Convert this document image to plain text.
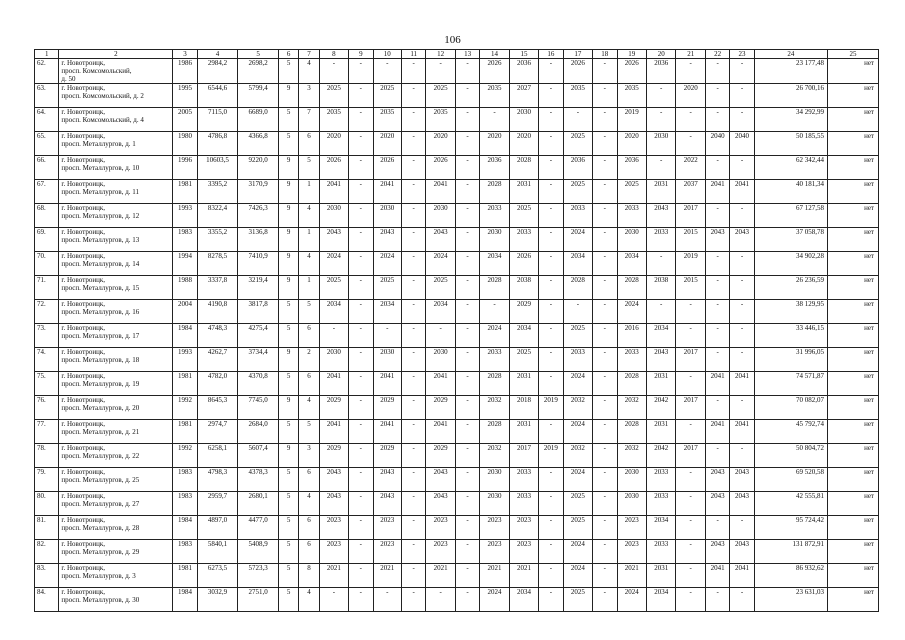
106
1	2	3	4	5	6	7	8	9	10	11	12	13	14	15	16	17	18	19	20	21	22	23	24	25
62.	г. Новотроицк,
просп. Комсомольский,
д. 50	1986	2984,2	2698,2	5	4	-	-	-	-	-	-	2026	2036	-	2026	-	2026	2036	-	-	-	23 177,48	нет
63.	г. Новотроицк,
просп. Комсомольский, д. 2	1995	6544,6	5799,4	9	3	2025	-	2025	-	2025	-	2035	2027	-	2035	-	2035	-	2020	-	-	26 700,16	нет
64.	г. Новотроицк,
просп. Комсомольский, д. 4	2005	7115,0	6689,0	5	7	2035	-	2035	-	2035	-	-	2030	-	-	-	2019	-	-	-	-	34 292,99	нет
65.	г. Новотроицк,
просп. Металлургов, д. 1	1980	4786,8	4366,8	5	6	2020	-	2020	-	2020	-	2020	2020	-	2025	-	2020	2030	-	2040	2040	50 185,55	нет
66.	г. Новотроицк,
просп. Металлургов, д. 10	1996	10603,5	9220,0	9	5	2026	-	2026	-	2026	-	2036	2028	-	2036	-	2036	-	2022	-	-	62 342,44	нет
67.	г. Новотроицк,
просп. Металлургов, д. 11	1981	3395,2	3170,9	9	1	2041	-	2041	-	2041	-	2028	2031	-	2025	-	2025	2031	2037	2041	2041	40 181,34	нет
68.	г. Новотроицк,
просп. Металлургов, д. 12	1993	8322,4	7426,3	9	4	2030	-	2030	-	2030	-	2033	2025	-	2033	-	2033	2043	2017	-	-	67 127,58	нет
69.	г. Новотроицк,
просп. Металлургов, д. 13	1983	3355,2	3136,8	9	1	2043	-	2043	-	2043	-	2030	2033	-	2024	-	2030	2033	2015	2043	2043	37 058,78	нет
70.	г. Новотроицк,
просп. Металлургов, д. 14	1994	8278,5	7410,9	9	4	2024	-	2024	-	2024	-	2034	2026	-	2034	-	2034	-	2019	-	-	34 902,28	нет
71.	г. Новотроицк,
просп. Металлургов, д. 15	1988	3337,8	3219,4	9	1	2025	-	2025	-	2025	-	2028	2038	-	2028	-	2028	2038	2015	-	-	26 236,59	нет
72.	г. Новотроицк,
просп. Металлургов, д. 16	2004	4190,8	3817,8	5	5	2034	-	2034	-	2034	-	-	2029	-	-	-	2024	-	-	-	-	38 129,95	нет
73.	г. Новотроицк,
просп. Металлургов, д. 17	1984	4748,3	4275,4	5	6	-	-	-	-	-	-	2024	2034	-	2025	-	2016	2034	-	-	-	33 446,15	нет
74.	г. Новотроицк,
просп. Металлургов, д. 18	1993	4262,7	3734,4	9	2	2030	-	2030	-	2030	-	2033	2025	-	2033	-	2033	2043	2017	-	-	31 996,05	нет
75.	г. Новотроицк,
просп. Металлургов, д. 19	1981	4782,0	4370,8	5	6	2041	-	2041	-	2041	-	2028	2031	-	2024	-	2028	2031	-	2041	2041	74 571,87	нет
76.	г. Новотроицк,
просп. Металлургов, д. 20	1992	8645,3	7745,0	9	4	2029	-	2029	-	2029	-	2032	2018	2019	2032	-	2032	2042	2017	-	-	70 082,07	нет
77.	г. Новотроицк,
просп. Металлургов, д. 21	1981	2974,7	2684,0	5	5	2041	-	2041	-	2041	-	2028	2031	-	2024	-	2028	2031	-	2041	2041	45 792,74	нет
78.	г. Новотроицк,
просп. Металлургов, д. 22	1992	6258,1	5607,4	9	3	2029	-	2029	-	2029	-	2032	2017	2019	2032	-	2032	2042	2017	-	-	50 804,72	нет
79.	г. Новотроицк,
просп. Металлургов, д. 25	1983	4798,3	4378,3	5	6	2043	-	2043	-	2043	-	2030	2033	-	2024	-	2030	2033	-	2043	2043	69 520,58	нет
80.	г. Новотроицк,
просп. Металлургов, д. 27	1983	2959,7	2680,1	5	4	2043	-	2043	-	2043	-	2030	2033	-	2025	-	2030	2033	-	2043	2043	42 555,81	нет
81.	г. Новотроицк,
просп. Металлургов, д. 28	1984	4897,0	4477,0	5	6	2023	-	2023	-	2023	-	2023	2023	-	2025	-	2023	2034	-	-	-	95 724,42	нет
82.	г. Новотроицк,
просп. Металлургов, д. 29	1983	5840,1	5408,9	5	6	2023	-	2023	-	2023	-	2023	2023	-	2024	-	2023	2033	-	2043	2043	131 872,91	нет
83.	г. Новотроицк,
просп. Металлургов, д. 3	1981	6273,5	5723,3	5	8	2021	-	2021	-	2021	-	2021	2021	-	2024	-	2021	2031	-	2041	2041	86 932,62	нет
84.	г. Новотроицк,
просп. Металлургов, д. 30	1984	3032,9	2751,0	5	4	-	-	-	-	-	-	2024	2034	-	2025	-	2024	2034	-	-	-	23 631,03	нет
